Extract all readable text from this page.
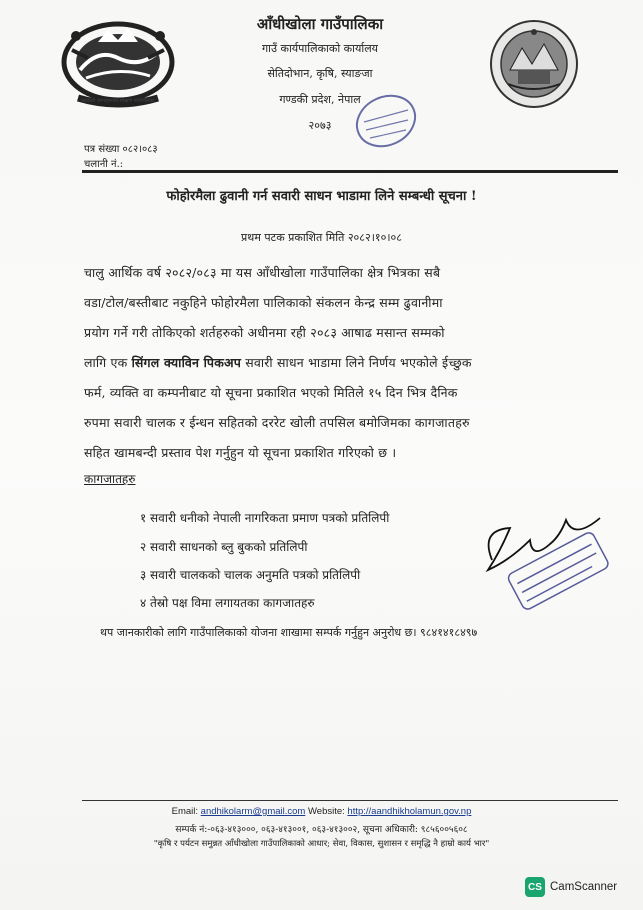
सरकारी जग्गाहरूको संरक्षण गाउँपालिका
आँधीखोला गाउँपालिका
गाउँ कार्यपालिकाको कार्यालय
सेतिदोभान, कृषि, स्याङजा
गण्डकी प्रदेश, नेपाल
२०७३
पत्र संख्या ०८२।०८३
चलानी नं.:
फोहोरमैला ढुवानी गर्न सवारी साधन भाडामा लिने सम्बन्धी सूचना !
प्रथम पटक प्रकाशित मिति २०८२।१०।०८
चालु आर्थिक वर्ष २०८२/०८३ मा यस आँधीखोला गाउँपालिका क्षेत्र भित्रका सबै
वडा/टोल/बस्तीबाट नकुहिने फोहोरमैला पालिकाको संकलन केन्द्र सम्म ढुवानीमा
प्रयोग गर्ने गरी तोकिएको शर्तहरुको अधीनमा रही २०८३ आषाढ मसान्त सम्मको
लागि एक सिंगल क्याविन पिकअप सवारी साधन भाडामा लिने निर्णय भएकोले ईच्छुक
फर्म, व्यक्ति वा कम्पनीबाट यो सूचना प्रकाशित भएको मितिले १५ दिन भित्र दैनिक
रुपमा सवारी चालक र ईन्धन सहितको दररेट खोली तपसिल बमोजिमका कागजातहरु
सहित खामबन्दी प्रस्ताव पेश गर्नुहुन यो सूचना प्रकाशित गरिएको छ ।
कागजातहरु
१ सवारी धनीको नेपाली नागरिकता प्रमाण पत्रको प्रतिलिपी
२ सवारी साधनको ब्लु बुकको प्रतिलिपी
३ सवारी चालकको चालक अनुमति पत्रको प्रतिलिपी
४ तेस्रो पक्ष विमा लगायतका कागजातहरु
थप जानकारीको लागि गाउँपालिकाको योजना शाखामा सम्पर्क गर्नुहुन अनुरोध छ। ९८४१४१८४९७
Email: andhikolarm@gmail.com Website: http://aandhikholamun.gov.np
सम्पर्क नं:-०६३-४१३०००, ०६३-४१३००१, ०६३-४१३००२, सूचना अधिकारी: ९८५६००५६०८
"कृषि र पर्यटन समुन्नत आँधीखोला गाउँपालिकाको आधार; सेवा, विकास, सुशासन र समृद्धि नै हाम्रो कार्य भार"
CS CamScanner
